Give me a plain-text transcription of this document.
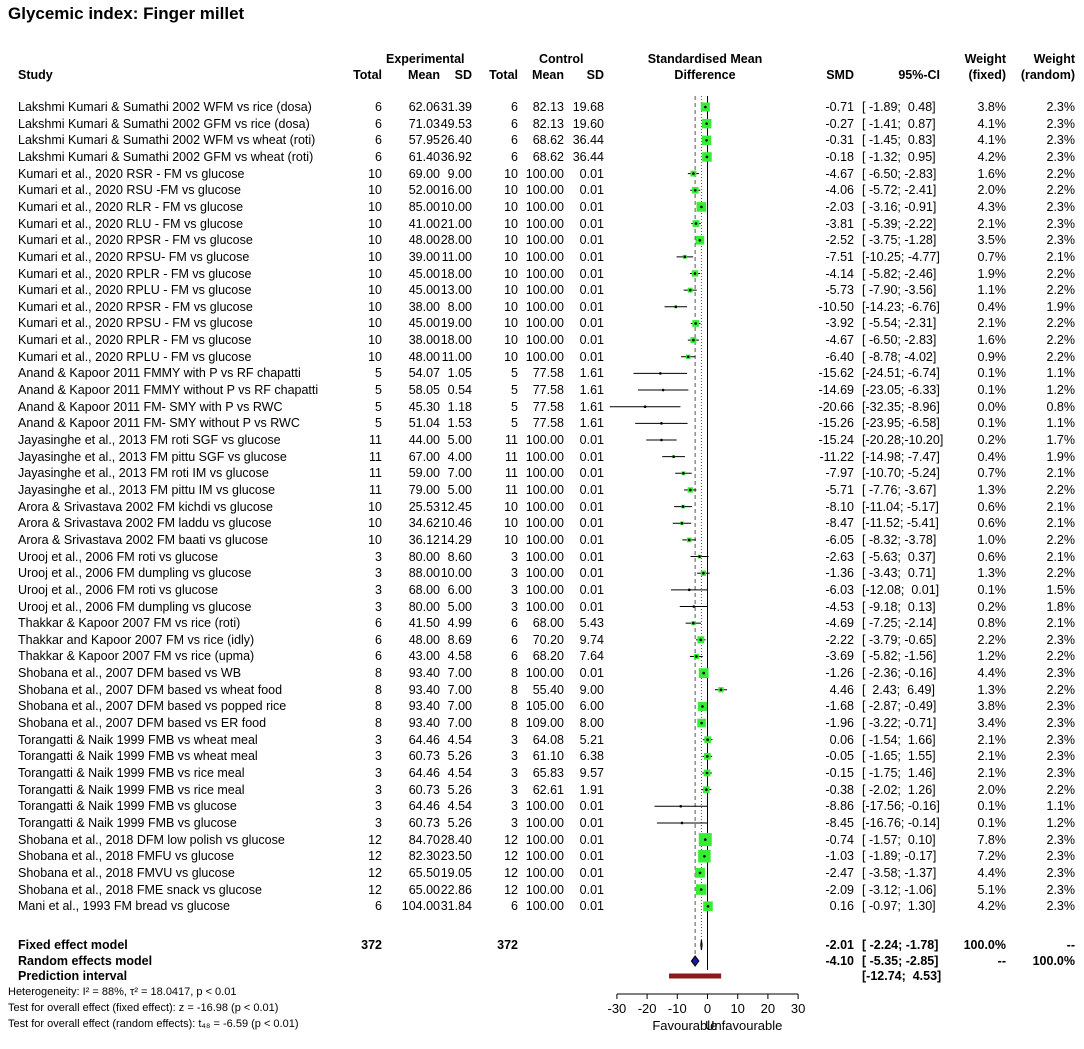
-30 -20 -10 0 10 20 30
Favourable
Unfavourable
Glycemic index: Finger millet
Experimental	Control	Standardised Mean
Difference
Weight	Weight
Study	Total	Mean	SD	Total	Mean	SD	SMD	95%-CI	(fixed)	(random)
Lakshmi Kumari & Sumathi 2002 WFM vs rice (dosa)	6	62.06 31.39	6	82.13 19.68	-0.71 [ -1.89;  0.48]	3.8%	2.3%
Lakshmi Kumari & Sumathi 2002 GFM vs rice (dosa)	6	71.03 49.53	6	82.13 19.60	-0.27 [ -1.41;  0.87]	4.1%	2.3%
Lakshmi Kumari & Sumathi 2002 WFM vs wheat (roti)	6	57.95 26.40	6	68.62 36.44	-0.31 [ -1.45;  0.83]	4.1%	2.3%
Lakshmi Kumari & Sumathi 2002 GFM vs wheat (roti)	6	61.40 36.92	6	68.62 36.44	-0.18 [ -1.32;  0.95]	4.2%	2.3%
Kumari et al., 2020 RSR - FM vs glucose	10	69.00 9.00	10 100.00	0.01	-4.67 [ -6.50; -2.83]	1.6%	2.2%
Kumari et al., 2020 RSU -FM vs glucose	10	52.00 16.00	10 100.00	0.01	-4.06 [ -5.72; -2.41]	2.0%	2.2%
Kumari et al., 2020 RLR - FM vs glucose	10	85.00 10.00	10 100.00	0.01	-2.03 [ -3.16; -0.91]	4.3%	2.3%
Kumari et al., 2020 RLU - FM vs glucose	10	41.00 21.00	10 100.00	0.01	-3.81 [ -5.39; -2.22]	2.1%	2.3%
Kumari et al., 2020 RPSR - FM vs glucose	10	48.00 28.00	10 100.00	0.01	-2.52 [ -3.75; -1.28]	3.5%	2.3%
Kumari et al., 2020 RPSU- FM vs glucose	10	39.00 11.00	10 100.00	0.01	-7.51 [-10.25; -4.77]	0.7%	2.1%
Kumari et al., 2020 RPLR - FM vs glucose	10	45.00 18.00	10 100.00	0.01	-4.14 [ -5.82; -2.46]	1.9%	2.2%
Kumari et al., 2020 RPLU - FM vs glucose	10	45.00 13.00	10 100.00	0.01	-5.73 [ -7.90; -3.56]	1.1%	2.2%
Kumari et al., 2020 RPSR - FM vs glucose	10	38.00 8.00	10 100.00	0.01	-10.50 [-14.23; -6.76]	0.4%	1.9%
Kumari et al., 2020 RPSU - FM vs glucose	10	45.00 19.00	10 100.00	0.01	-3.92 [ -5.54; -2.31]	2.1%	2.2%
Kumari et al., 2020 RPLR - FM vs glucose	10	38.00 18.00	10 100.00	0.01	-4.67 [ -6.50; -2.83]	1.6%	2.2%
Kumari et al., 2020 RPLU - FM vs glucose	10	48.00 11.00	10 100.00	0.01	-6.40 [ -8.78; -4.02]	0.9%	2.2%
Anand & Kapoor 2011 FMMY with P vs RF chapatti	5	54.07 1.05	5	77.58	1.61	-15.62 [-24.51; -6.74]	0.1%	1.1%
Anand & Kapoor 2011 FMMY without P vs RF chapatti	5	58.05 0.54	5	77.58	1.61	-14.69 [-23.05; -6.33]	0.1%	1.2%
Anand & Kapoor 2011 FM- SMY with P vs RWC	5	45.30 1.18	5	77.58	1.61	-20.66 [-32.35; -8.96]	0.0%	0.8%
Anand & Kapoor 2011 FM- SMY without P vs RWC	5	51.04 1.53	5	77.58	1.61	-15.26 [-23.95; -6.58]	0.1%	1.1%
Jayasinghe et al., 2013 FM roti SGF vs glucose	11	44.00 5.00	11 100.00	0.01	-15.24 [-20.28;-10.20]	0.2%	1.7%
Jayasinghe et al., 2013 FM pittu SGF vs glucose	11	67.00 4.00	11 100.00	0.01	-11.22 [-14.98; -7.47]	0.4%	1.9%
Jayasinghe et al., 2013 FM roti IM vs glucose	11	59.00 7.00	11 100.00	0.01	-7.97 [-10.70; -5.24]	0.7%	2.1%
Jayasinghe et al., 2013 FM pittu IM vs glucose	11	79.00 5.00	11 100.00	0.01	-5.71 [ -7.76; -3.67]	1.3%	2.2%
Arora & Srivastava 2002 FM kichdi vs glucose	10	25.53 12.45	10 100.00	0.01	-8.10 [-11.04; -5.17]	0.6%	2.1%
Arora & Srivastava 2002 FM laddu vs glucose	10	34.62 10.46	10 100.00	0.01	-8.47 [-11.52; -5.41]	0.6%	2.1%
Arora & Srivastava 2002 FM baati vs glucose	10	36.12 14.29	10 100.00	0.01	-6.05 [ -8.32; -3.78]	1.0%	2.2%
Urooj et al., 2006 FM roti vs glucose	3	80.00 8.60	3 100.00	0.01	-2.63 [ -5.63;  0.37]	0.6%	2.1%
Urooj et al., 2006 FM dumpling vs glucose	3	88.00 10.00	3 100.00	0.01	-1.36 [ -3.43;  0.71]	1.3%	2.2%
Urooj et al., 2006 FM roti vs glucose	3	68.00 6.00	3 100.00	0.01	-6.03 [-12.08;  0.01]	0.1%	1.5%
Urooj et al., 2006 FM dumpling vs glucose	3	80.00 5.00	3 100.00	0.01	-4.53 [ -9.18;  0.13]	0.2%	1.8%
Thakkar & Kapoor 2007 FM vs rice (roti)	6	41.50 4.99	6	68.00	5.43	-4.69 [ -7.25; -2.14]	0.8%	2.1%
Thakkar and Kapoor 2007 FM vs rice (idly)	6	48.00 8.69	6	70.20	9.74	-2.22 [ -3.79; -0.65]	2.2%	2.3%
Thakkar & Kapoor 2007 FM vs rice (upma)	6	43.00 4.58	6	68.20	7.64	-3.69 [ -5.82; -1.56]	1.2%	2.2%
Shobana et al., 2007 DFM based vs WB	8	93.40 7.00	8 100.00	0.01	-1.26 [ -2.36; -0.16]	4.4%	2.3%
Shobana et al., 2007 DFM based vs wheat food	8	93.40 7.00	8	55.40	9.00	4.46 [  2.43;  6.49]	1.3%	2.2%
Shobana et al., 2007 DFM based vs popped rice	8	93.40 7.00	8 105.00	6.00	-1.68 [ -2.87; -0.49]	3.8%	2.3%
Shobana et al., 2007 DFM based vs ER food	8	93.40 7.00	8 109.00	8.00	-1.96 [ -3.22; -0.71]	3.4%	2.3%
Torangatti & Naik 1999 FMB vs wheat meal	3	64.46 4.54	3	64.08	5.21	0.06 [ -1.54;  1.66]	2.1%	2.3%
Torangatti & Naik 1999 FMB vs wheat meal	3	60.73 5.26	3	61.10	6.38	-0.05 [ -1.65;  1.55]	2.1%	2.3%
Torangatti & Naik 1999 FMB vs rice meal	3	64.46 4.54	3	65.83	9.57	-0.15 [ -1.75;  1.46]	2.1%	2.3%
Torangatti & Naik 1999 FMB vs rice meal	3	60.73 5.26	3	62.61	1.91	-0.38 [ -2.02;  1.26]	2.0%	2.2%
Torangatti & Naik 1999 FMB vs glucose	3	64.46 4.54	3 100.00	0.01	-8.86 [-17.56; -0.16]	0.1%	1.1%
Torangatti & Naik 1999 FMB vs glucose	3	60.73 5.26	3 100.00	0.01	-8.45 [-16.76; -0.14]	0.1%	1.2%
Shobana et al., 2018 DFM low polish vs glucose	12	84.70 28.40	12 100.00	0.01	-0.74 [ -1.57;  0.10]	7.8%	2.3%
Shobana et al., 2018 FMFU vs glucose	12	82.30 23.50	12 100.00	0.01	-1.03 [ -1.89; -0.17]	7.2%	2.3%
Shobana et al., 2018 FMVU vs glucose	12	65.50 19.05	12 100.00	0.01	-2.47 [ -3.58; -1.37]	4.4%	2.3%
Shobana et al., 2018 FME snack vs glucose	12	65.00 22.86	12 100.00	0.01	-2.09 [ -3.12; -1.06]	5.1%	2.3%
Mani et al., 1993 FM bread vs glucose	6	104.00 31.84	6 100.00	0.01	0.16 [ -0.97;  1.30]	4.2%	2.3%
Fixed effect model	372	372	-2.01 [ -2.24; -1.78]	100.0%	--
Random effects model	-4.10 [ -5.35; -2.85]	--	100.0%
Prediction interval	[-12.74;  4.53]
Heterogeneity: I² = 88%, τ² = 18.0417, p < 0.01
Test for overall effect (fixed effect): z = -16.98 (p < 0.01)
Test for overall effect (random effects): t₄₈ = -6.59 (p < 0.01)
